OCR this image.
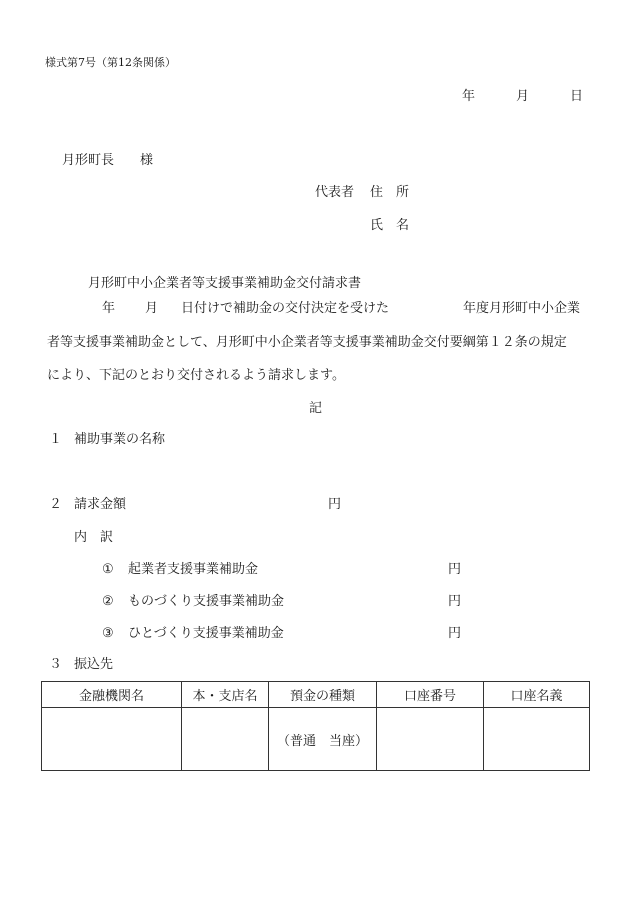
様式第7号（第12条関係）
年	月	日
月形町長 様
代表者 住　所
氏　名
月形町中小企業者等支援事業補助金交付請求書
年 月 日付けで補助金の交付決定を受けた	年度月形町中小企業
者等支援事業補助金として、月形町中小企業者等支援事業補助金交付要綱第１２条の規定
により、下記のとおり交付されるよう請求します。
記
１ 補助事業の名称
２ 請求金額	円
内　訳
① 起業者支援事業補助金	円
② ものづくり支援事業補助金	円
③ ひとづくり支援事業補助金	円
３ 振込先
金融機関名	本・支店名	預金の種類	口座番号	口座名義
		（普通　当座）		
